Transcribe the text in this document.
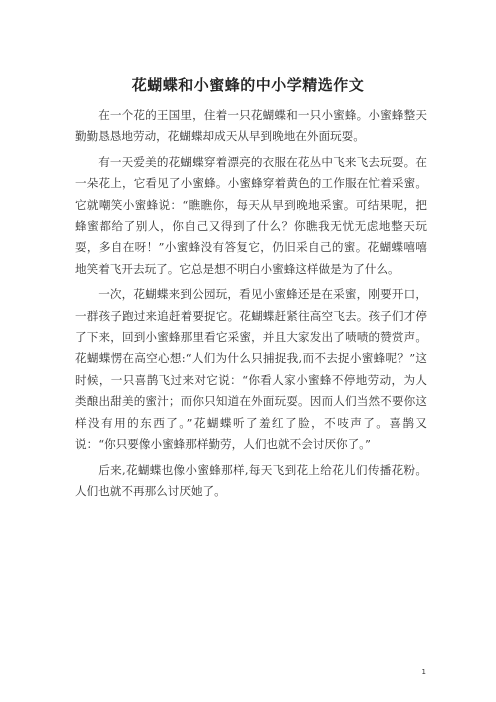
花蝴蝶和小蜜蜂的中小学精选作文

在一个花的王国里，住着一只花蝴蝶和一只小蜜蜂。小蜜蜂整天勤勤恳恳地劳动，花蝴蝶却成天从早到晚地在外面玩耍。

有一天爱美的花蝴蝶穿着漂亮的衣服在花丛中飞来飞去玩耍。在一朵花上，它看见了小蜜蜂。小蜜蜂穿着黄色的工作服在忙着采蜜。它就嘲笑小蜜蜂说：“瞧瞧你，每天从早到晚地采蜜。可结果呢，把蜂蜜都给了别人，你自己又得到了什么？你瞧我无忧无虑地整天玩耍，多自在呀！”小蜜蜂没有答复它，仍旧采自己的蜜。花蝴蝶嘻嘻地笑着飞开去玩了。它总是想不明白小蜜蜂这样做是为了什么。

一次，花蝴蝶来到公园玩，看见小蜜蜂还是在采蜜，刚要开口，一群孩子跑过来追赶着要捉它。花蝴蝶赶紧往高空飞去。孩子们才停了下来，回到小蜜蜂那里看它采蜜，并且大家发出了啧啧的赞赏声。花蝴蝶愣在高空心想:“人们为什么只捕捉我,而不去捉小蜜蜂呢？”这时候，一只喜鹊飞过来对它说：“你看人家小蜜蜂不停地劳动，为人类酿出甜美的蜜汁；而你只知道在外面玩耍。因而人们当然不要你这样没有用的东西了。”花蝴蝶听了羞红了脸，不吱声了。喜鹊又说：“你只要像小蜜蜂那样勤劳，人们也就不会讨厌你了。”

后来,花蝴蝶也像小蜜蜂那样,每天飞到花上给花儿们传播花粉。人们也就不再那么讨厌她了。

1
